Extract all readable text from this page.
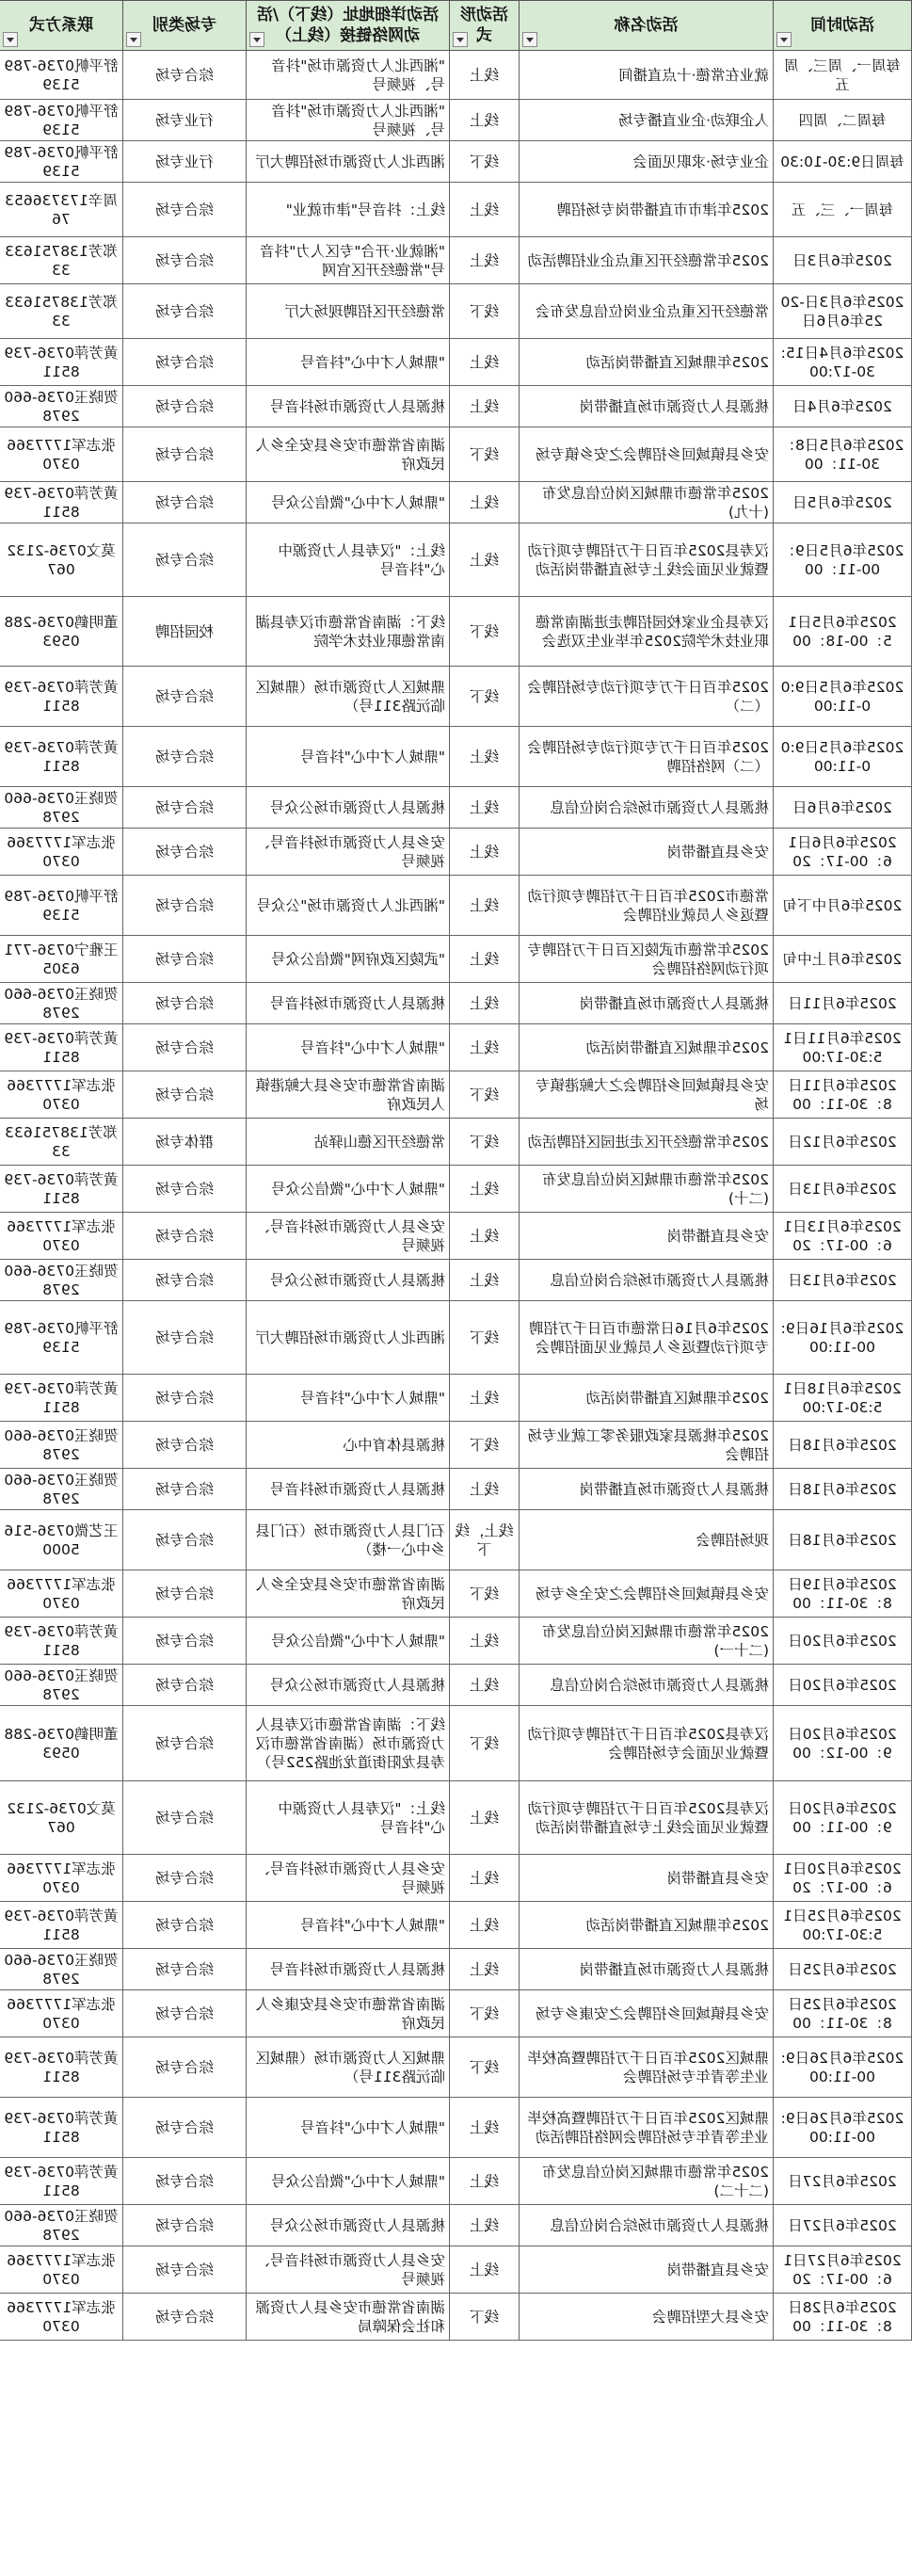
活动时间	活动名称	活动形式	活动详细地址（线下）/活动网络链接（线上）	专场类别	联系方式

每周一、周三、周五	就业在常德·十点直播间	线上	"湘西北人力资源市场"抖音号、视频号	综合专场	舒平帆0736-7895139
每周二、周四	人企联动·企业直播专场	线上	"湘西北人力资源市场"抖音号、视频号	行业专场	舒平帆0736-7895139
每周日9:30-10:30	企业专场·求职见面会	线下	湘西北人力资源市场招聘大厅	行业专场	舒平帆0736-7895139
每周一、三、五	2025年津市市直播带岗专场招聘	线上	线上：抖音号"津市就业"	综合专场	周辛17373665376
2025年6月3日	2025年常德经开区重点企业招聘活动	线上	"湘就业·开合"专区人力"抖音号"常德经开区官网	综合专场	郑芳13875163333
2025年6月3日-2025年6月6日	常德经开区重点企业岗位信息发布会	线下	常德经开区招聘现场大厅	综合专场	郑芳13875163333
2025年6月4日15:30-17:00	2025年鼎城区直播带岗活动	线上	"鼎城人才中心"抖音号	综合专场	黄芳萍0736-7398511
2025年6月4日	桃源县人力资源市场直播带岗	线上	桃源县人力资源市场抖音号	综合专场	贺晓玉0736-6602978
2025年6月5日8：30-11：00	安乡县镇域回乡招聘会之安乡镇专场	线下	湖南省常德市安乡县安全乡人民政府	综合专场	张志军17773660370
2025年6月5日	2025年常德市鼎城区岗位信息发布(十九)	线上	"鼎城人才中心"微信公众号	综合专场	黄芳萍0736-7398511
2025年6月5日9：00-11：00	汉寿县2025年百日千万招聘专项行动暨就业见面会线上专场直播带岗活动	线上	线上："汉寿县人力资源中心"抖音号	综合专场	莫文0736-2132067
2025年6月5日15：00-18：00	汉寿县企业家校园招聘走进湖南常德职业技术学院2025年毕业生双选会	线下	线下：湖南省常德市汉寿县湖南常德职业技术学院	校园招聘	董明鹤0736-2880593
2025年6月5日9:00-11:00	2025年百日千万专项行动专场招聘会（二）	线下	鼎城区人力资源市场（鼎城区临沅路311号）	综合专场	黄芳萍0736-7398511
2025年6月5日9:00-11:00	2025年百日千万专项行动专场招聘会（二）网络招聘	线上	"鼎城人才中心"抖音号	综合专场	黄芳萍0736-7398511
2025年6月6日	桃源县人力资源市场综合岗位信息	线上	桃源县人力资源市场公众号	综合专场	贺晓玉0736-6602978
2025年6月6日16：00-17：20	安乡县直播带岗	线上	安乡县人力资源市场抖音号、视频号	综合专场	张志军17773660370
2025年6月中下旬	常德市2025年百日千万招聘专项行动暨返乡人员就业招聘会	线上	"湘西北人力资源市场"公众号	综合专场	舒平帆0736-7895139
2025年6月上中旬	2025年常德市武陵区百日千万招聘专项行动网络招聘会	线上	"武陵区政府网"微信公众号	综合专场	王雅宁0736-7716305
2025年6月11日	桃源县人力资源市场直播带岗	线上	桃源县人力资源市场抖音号	综合专场	贺晓玉0736-6602978
2025年6月11日15:30-17:00	2025年鼎城区直播带岗活动	线上	"鼎城人才中心"抖音号	综合专场	黄芳萍0736-7398511
2025年6月11日8：30-11：00	安乡县镇域回乡招聘会之大鲸港镇专场	线下	湖南省常德市安乡县大鲸港镇人民政府	综合专场	张志军17773660370
2025年6月12日	2025年常德经开区走进园区招聘活动	线下	常德经开区德山驿站	群体专场	郑芳13875163333
2025年6月13日	2025年常德市鼎城区岗位信息发布(二十)	线上	"鼎城人才中心"微信公众号	综合专场	黄芳萍0736-7398511
2025年6月13日16：00-17：20	安乡县直播带岗	线上	安乡县人力资源市场抖音号、视频号	综合专场	张志军17773660370
2025年6月13日	桃源县人力资源市场综合岗位信息	线上	桃源县人力资源市场公众号	综合专场	贺晓玉0736-6602978
2025年6月16日9:00-11:00	2025年6月16日常德市百日千万招聘专项行动暨返乡人员就业见面招聘会	线下	湘西北人力资源市场招聘大厅	综合专场	舒平帆0736-7895139
2025年6月18日15:30-17:00	2025年鼎城区直播带岗活动	线上	"鼎城人才中心"抖音号	综合专场	黄芳萍0736-7398511
2025年6月18日	2025年桃源县家政服务零工就业专场招聘会	线下	桃源县体育中心	综合专场	贺晓玉0736-6602978
2025年6月18日	桃源县人力资源市场直播带岗	线上	桃源县人力资源市场抖音号	综合专场	贺晓玉0736-6602978
2025年6月18日	现场招聘会	线上，线下	石门县人力资源市场（石门县乡中心一楼）	综合专场	王艺微0736-5165000
2025年6月19日8：30-11：00	安乡县镇域回乡招聘会之安全乡专场	线下	湖南省常德市安乡县安全乡人民政府	综合专场	张志军17773660370
2025年6月20日	2025年常德市鼎城区岗位信息发布(二十一)	线上	"鼎城人才中心"微信公众号	综合专场	黄芳萍0736-7398511
2025年6月20日	桃源县人力资源市场综合岗位信息	线上	桃源县人力资源市场公众号	综合专场	贺晓玉0736-6602978
2025年6月20日9：00-12：00	汉寿县2025年百日千万招聘专项行动暨就业见面会专场招聘会	线下	线下：湖南省常德市汉寿县人力资源市场（湖南省常德市汉寿县龙阳街道龙池路252号）	综合专场	董明鹤0736-2880593
2025年6月20日9：00-11：00	汉寿县2025年百日千万招聘专项行动暨就业见面会线上专场直播带岗活动	线上	线上："汉寿县人力资源中心"抖音号	综合专场	莫文0736-2132067
2025年6月20日16：00-17：20	安乡县直播带岗	线上	安乡县人力资源市场抖音号、视频号	综合专场	张志军17773660370
2025年6月25日15:30-17:00	2025年鼎城区直播带岗活动	线上	"鼎城人才中心"抖音号	综合专场	黄芳萍0736-7398511
2025年6月25日	桃源县人力资源市场直播带岗	线上	桃源县人力资源市场抖音号	综合专场	贺晓玉0736-6602978
2025年6月25日8：30-11：00	安乡县镇域回乡招聘会之安康乡专场	线下	湖南省常德市安乡县安康乡人民政府	综合专场	张志军17773660370
2025年6月26日9:00-11:00	鼎城区2025年百日千万招聘暨高校毕业生等青年专场招聘会	线下	鼎城区人力资源市场（鼎城区临沅路311号）	综合专场	黄芳萍0736-7398511
2025年6月26日9:00-11:00	鼎城区2025年百日千万招聘暨高校毕业生等青年专场招聘会网络招聘活动	线上	"鼎城人才中心"抖音号	综合专场	黄芳萍0736-7398511
2025年6月27日	2025年常德市鼎城区岗位信息发布(二十二)	线上	"鼎城人才中心"微信公众号	综合专场	黄芳萍0736-7398511
2025年6月27日	桃源县人力资源市场综合岗位信息	线上	桃源县人力资源市场公众号	综合专场	贺晓玉0736-6602978
2025年6月27日16：00-17：20	安乡县直播带岗	线上	安乡县人力资源市场抖音号、视频号	综合专场	张志军17773660370
2025年6月28日8：30-11：00	安乡县大型招聘会	线下	湖南省常德市安乡县人力资源和社会保障局	综合专场	张志军17773660370
